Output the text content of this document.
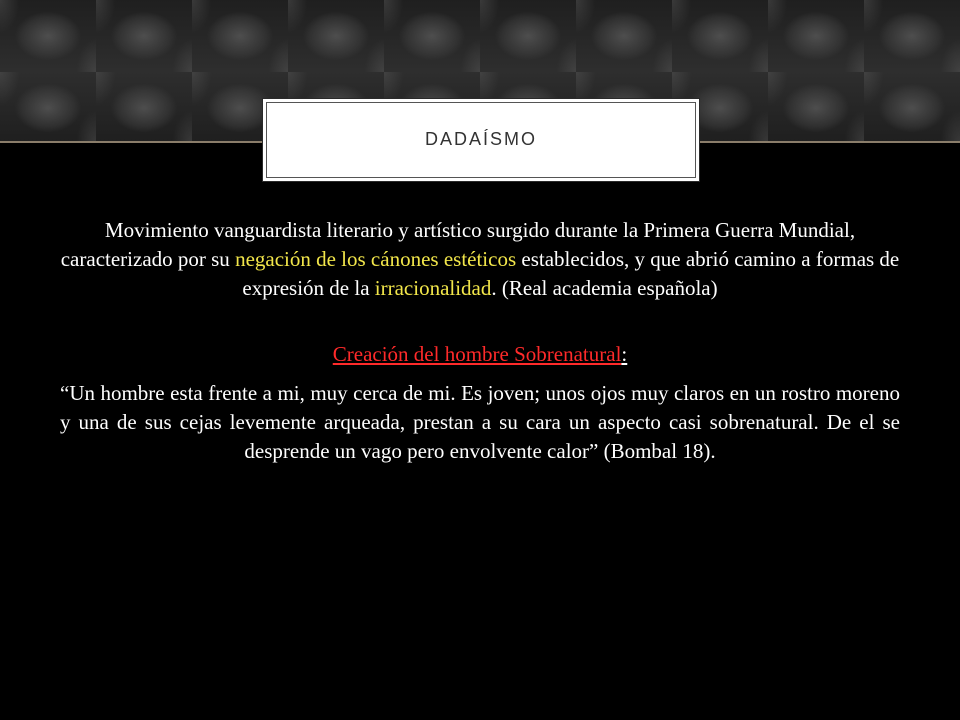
DADAÍSMO

Movimiento vanguardista literario y artístico surgido durante la Primera Guerra Mundial, caracterizado por su negación de los cánones estéticos establecidos, y que abrió camino a formas de expresión de la irracionalidad. (Real academia española)

Creación del hombre Sobrenatural:

“Un hombre esta frente a mi, muy cerca de mi. Es joven; unos ojos muy claros en un rostro moreno y una de sus cejas levemente arqueada, prestan a su cara un aspecto casi sobrenatural. De el se desprende un vago pero envolvente calor” (Bombal 18).
